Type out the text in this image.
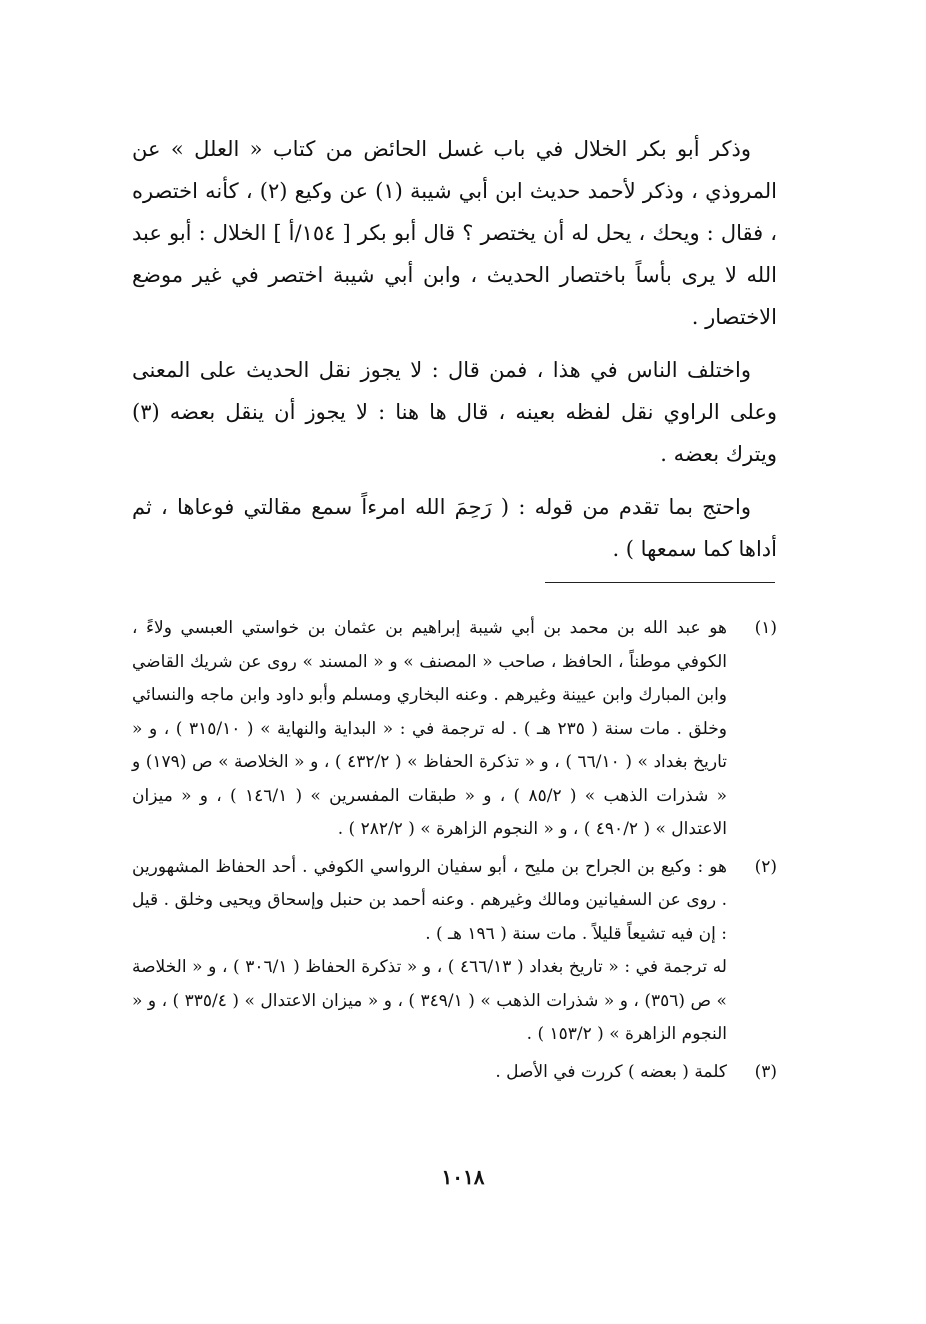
وذكر أبو بكر الخلال في باب غسل الحائض من كتاب « العلل » عن المروذي ، وذكر لأحمد حديث ابن أبي شيبة (١) عن وكيع (٢) ، كأنه اختصره ، فقال : ويحك ، يحل له أن يختصر ؟ قال أبو بكر [ ١٥٤/أ ] الخلال : أبو عبد الله لا يرى بأساً باختصار الحديث ، وابن أبي شيبة اختصر في غير موضع الاختصار .

واختلف الناس في هذا ، فمن قال : لا يجوز نقل الحديث على المعنى وعلى الراوي نقل لفظه بعينه ، قال ها هنا : لا يجوز أن ينقل بعضه (٣) ويترك بعضه .

واحتج بما تقدم من قوله : ( رَحِمَ الله امرءاً سمع مقالتي فوعاها ، ثم أداها كما سمعها ) .

(١)

هو عبد الله بن محمد بن أبي شيبة إبراهيم بن عثمان بن خواستي العبسي ولاءً ، الكوفي موطناً ، الحافظ ، صاحب « المصنف » و « المسند » روى عن شريك القاضي وابن المبارك وابن عيينة وغيرهم . وعنه البخاري ومسلم وأبو داود وابن ماجه والنسائي وخلق . مات سنة ( ٢٣٥ هـ ) . له ترجمة في : « البداية والنهاية » ( ٣١٥/١٠ ) ، و « تاريخ بغداد » ( ٦٦/١٠ ) ، و « تذكرة الحفاظ » ( ٤٣٢/٢ ) ، و « الخلاصة » ص (١٧٩) و « شذرات الذهب » ( ٨٥/٢ ) ، و « طبقات المفسرين » ( ١٤٦/١ ) ، و « ميزان الاعتدال » ( ٤٩٠/٢ ) ، و « النجوم الزاهرة » ( ٢٨٢/٢ ) .

(٢)

هو : وكيع بن الجراح بن مليح ، أبو سفيان الرواسي الكوفي . أحد الحفاظ المشهورين . روى عن السفيانين ومالك وغيرهم . وعنه أحمد بن حنبل وإسحاق ويحيى وخلق . قيل : إن فيه تشيعاً قليلاً . مات سنة ( ١٩٦ هـ ) .

له ترجمة في : « تاريخ بغداد ( ٤٦٦/١٣ ) ، و « تذكرة الحفاظ ( ٣٠٦/١ ) ، و « الخلاصة » ص (٣٥٦) ، و « شذرات الذهب » ( ٣٤٩/١ ) ، و « ميزان الاعتدال » ( ٣٣٥/٤ ) ، و « النجوم الزاهرة » ( ١٥٣/٢ ) .

(٣)

كلمة ( بعضه ) كررت في الأصل .

١٠١٨
